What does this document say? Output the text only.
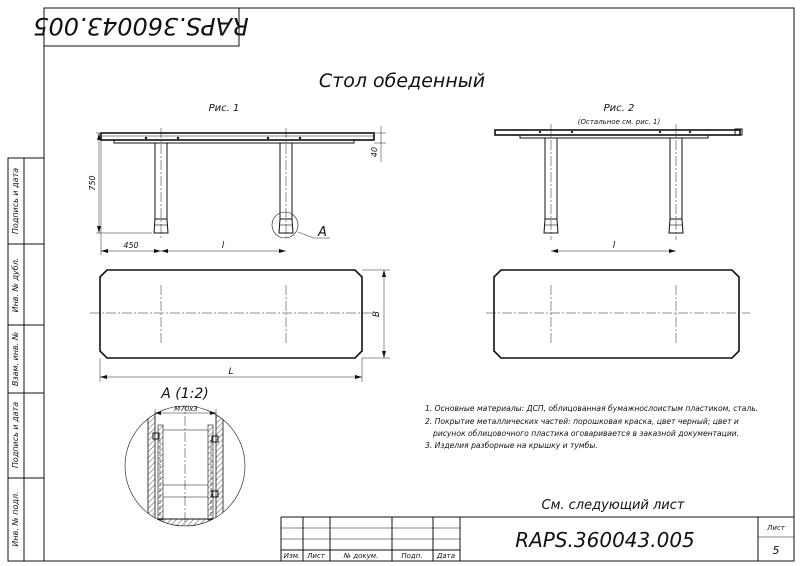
RAPS.360043.005
Инв. № подл.
Подпись и дата
Взам. инв. №
Инв. № дубл.
Подпись и дата
Стол обеденный
Рис. 1
A
750
40
450	l
B
L
Рис. 2
(Остальное см. рис. 1)
l
A (1:2)
M70x3	1. Основные материалы: ДСП, облицованная бумажнослоистым пластиком, сталь.
2. Покрытие металлических частей: порошковая краска, цвет черный; цвет и
рисунок облицовочного пластика оговаривается в заказной документации.
3. Изделия разборные на крышку и тумбы.
См. следующий лист
Изм. Лист	№ докум.	Подп. Дата
RAPS.360043.005	Лист
5
